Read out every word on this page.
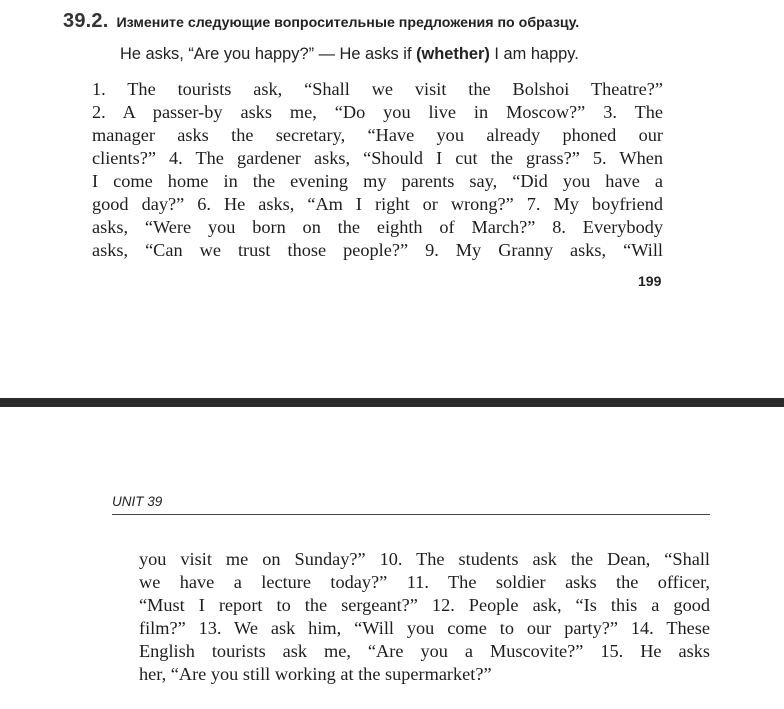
39.2. Измените следующие вопросительные предложения по образцу.
He asks, “Are you happy?” — He asks if (whether) I am happy.
1. The tourists ask, “Shall we visit the Bolshoi Theatre?”
2. A passer-by asks me, “Do you live in Moscow?” 3. The
manager asks the secretary, “Have you already phoned our
clients?” 4. The gardener asks, “Should I cut the grass?” 5. When
I come home in the evening my parents say, “Did you have a
good day?” 6. He asks, “Am I right or wrong?” 7. My boyfriend
asks, “Were you born on the eighth of March?” 8. Everybody
asks, “Can we trust those people?” 9. My Granny asks, “Will
199
UNIT 39
you visit me on Sunday?” 10. The students ask the Dean, “Shall
we have a lecture today?” 11. The soldier asks the officer,
“Must I report to the sergeant?” 12. People ask, “Is this a good
film?” 13. We ask him, “Will you come to our party?” 14. These
English tourists ask me, “Are you a Muscovite?” 15. He asks
her, “Are you still working at the supermarket?”
